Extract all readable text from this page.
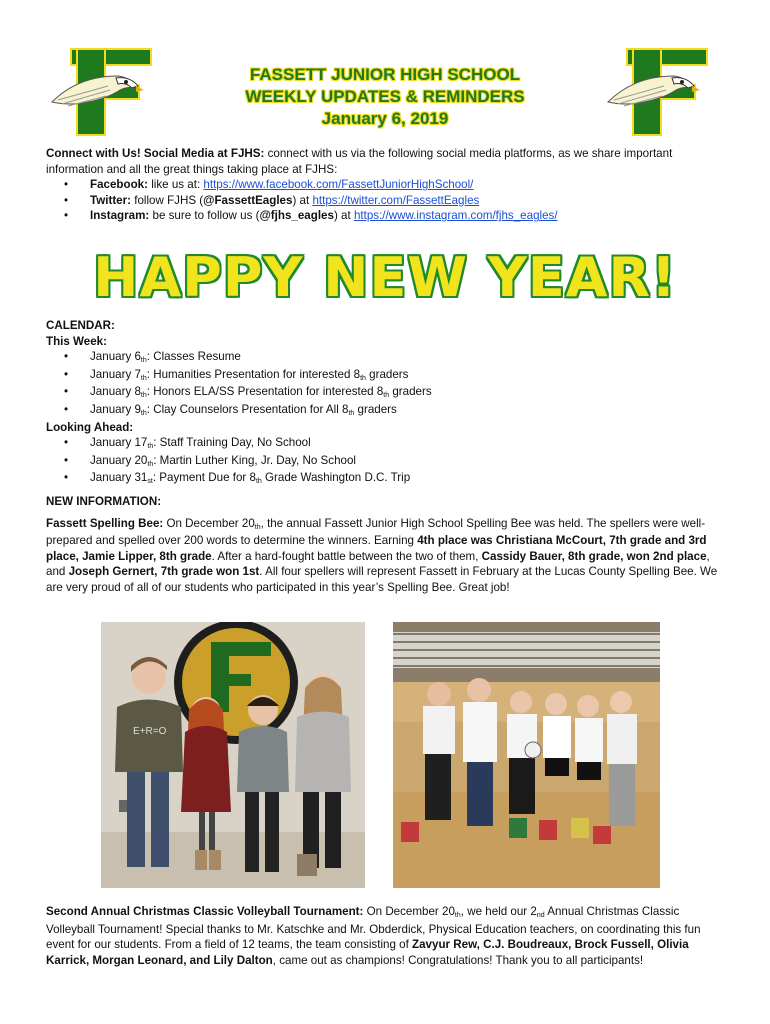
FASSETT JUNIOR HIGH SCHOOL
WEEKLY UPDATES & REMINDERS
January 6, 2019

Connect with Us! Social Media at FJHS: connect with us via the following social media platforms, as we share important information and all the great things taking place at FJHS:

• Facebook: like us at: https://www.facebook.com/FassettJuniorHighSchool/
• Twitter: follow FJHS (@FassettEagles) at https://twitter.com/FassettEagles
• Instagram: be sure to follow us (@fjhs_eagles) at https://www.instagram.com/fjhs_eagles/
HAPPY NEW YEAR!

CALENDAR:

This Week:

• January 6th: Classes Resume
• January 7th: Humanities Presentation for interested 8th graders
• January 8th: Honors ELA/SS Presentation for interested 8th graders
• January 9th: Clay Counselors Presentation for All 8th graders

Looking Ahead:

• January 17th: Staff Training Day, No School
• January 20th: Martin Luther King, Jr. Day, No School
• January 31st: Payment Due for 8th Grade Washington D.C. Trip

NEW INFORMATION:

Fassett Spelling Bee: On December 20th, the annual Fassett Junior High School Spelling Bee was held. The spellers were well-prepared and spelled over 200 words to determine the winners. Earning 4th place was Christiana McCourt, 7th grade and 3rd place, Jamie Lipper, 8th grade. After a hard-fought battle between the two of them, Cassidy Bauer, 8th grade, won 2nd place, and Joseph Gernert, 7th grade won 1st. All four spellers will represent Fassett in February at the Lucas County Spelling Bee. We are very proud of all of our students who participated in this year’s Spelling Bee. Great job!

E+R=O

Second Annual Christmas Classic Volleyball Tournament: On December 20th, we held our 2nd Annual Christmas Classic Volleyball Tournament! Special thanks to Mr. Katschke and Mr. Obderdick, Physical Education teachers, on coordinating this fun event for our students. From a field of 12 teams, the team consisting of Zavyur Rew, C.J. Boudreaux, Brock Fussell, Olivia Karrick, Morgan Leonard, and Lily Dalton, came out as champions! Congratulations! Thank you to all participants!
